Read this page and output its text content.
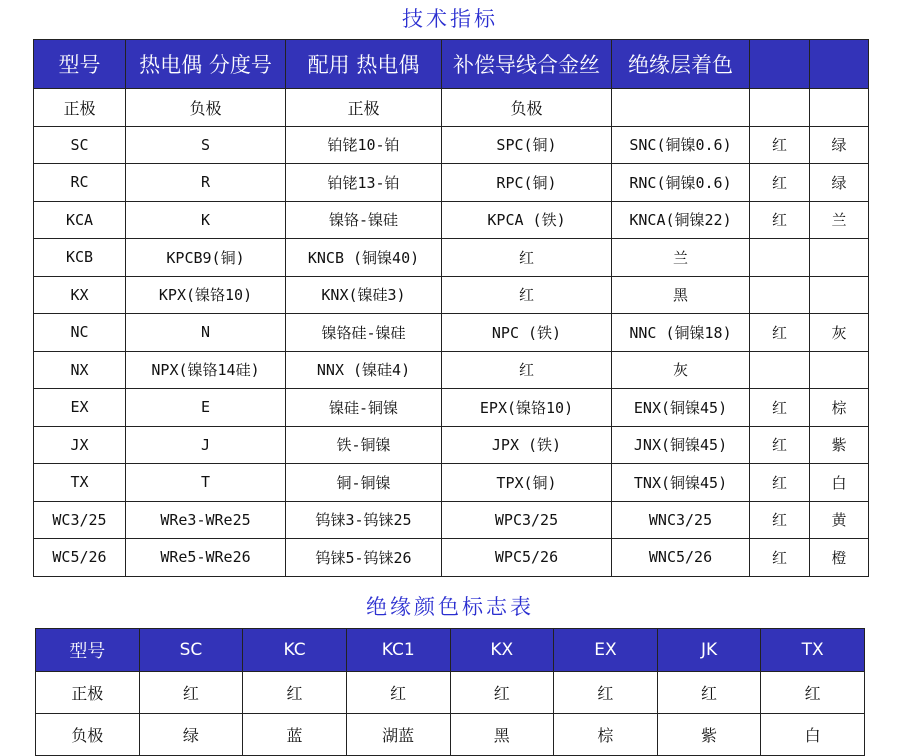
技术指标
型号	热电偶 分度号	配用 热电偶	补偿导线合金丝	绝缘层着色		
正极	负极	正极	负极			
SC	S	铂铑10-铂	SPC(铜)	SNC(铜镍0.6)	红	绿
RC	R	铂铑13-铂	RPC(铜)	RNC(铜镍0.6)	红	绿
KCA	K	镍铬-镍硅	KPCA (铁)	KNCA(铜镍22)	红	兰
KCB	KPCB9(铜)	KNCB (铜镍40)	红	兰		
KX	KPX(镍铬10)	KNX(镍硅3)	红	黑		
NC	N	镍铬硅-镍硅	NPC (铁)	NNC (铜镍18)	红	灰
NX	NPX(镍铬14硅)	NNX (镍硅4)	红	灰		
EX	E	镍硅-铜镍	EPX(镍铬10)	ENX(铜镍45)	红	棕
JX	J	铁-铜镍	JPX (铁)	JNX(铜镍45)	红	紫
TX	T	铜-铜镍	TPX(铜)	TNX(铜镍45)	红	白
WC3/25	WRe3-WRe25	钨铼3-钨铼25	WPC3/25	WNC3/25	红	黄
WC5/26	WRe5-WRe26	钨铼5-钨铼26	WPC5/26	WNC5/26	红	橙
绝缘颜色标志表
型号	SC	KC	KC1	KX	EX	JK	TX
正极	红	红	红	红	红	红	红
负极	绿	蓝	湖蓝	黑	棕	紫	白
